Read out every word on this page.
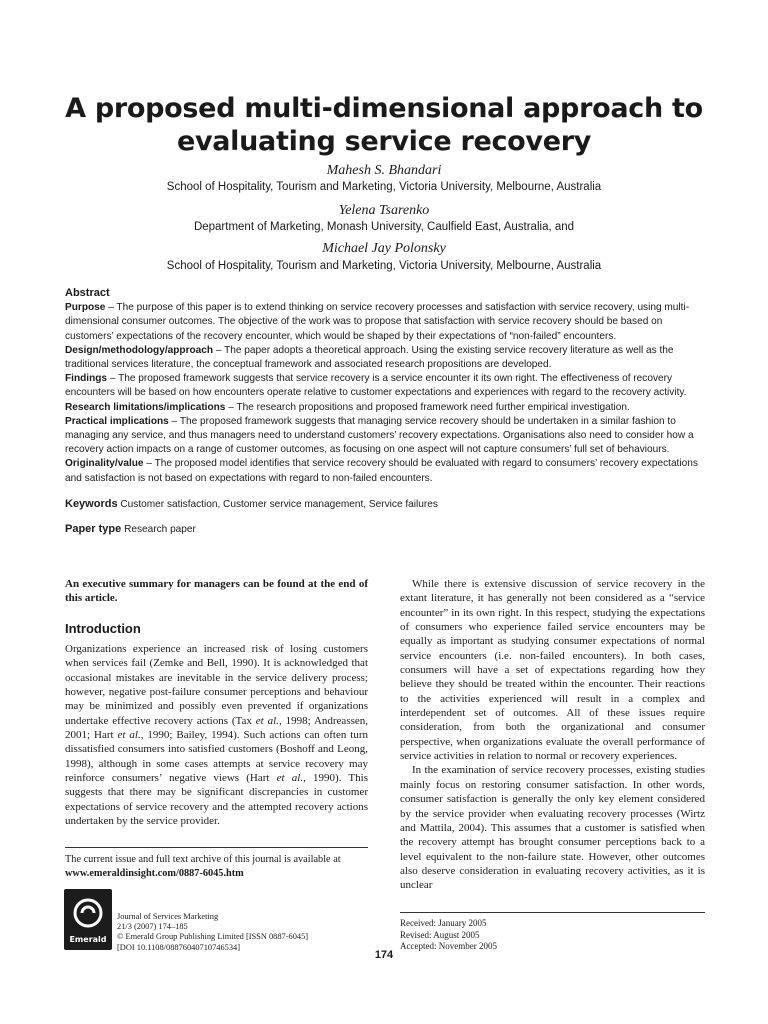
A proposed multi-dimensional approach to
evaluating service recovery
Mahesh S. Bhandari
School of Hospitality, Tourism and Marketing, Victoria University, Melbourne, Australia
Yelena Tsarenko
Department of Marketing, Monash University, Caulfield East, Australia, and
Michael Jay Polonsky
School of Hospitality, Tourism and Marketing, Victoria University, Melbourne, Australia
Abstract

Purpose – The purpose of this paper is to extend thinking on service recovery processes and satisfaction with service recovery, using multi-dimensional consumer outcomes. The objective of the work was to propose that satisfaction with service recovery should be based on customers’ expectations of the recovery encounter, which would be shaped by their expectations of “non-failed” encounters.

Design/methodology/approach – The paper adopts a theoretical approach. Using the existing service recovery literature as well as the traditional services literature, the conceptual framework and associated research propositions are developed.

Findings – The proposed framework suggests that service recovery is a service encounter it its own right. The effectiveness of recovery encounters will be based on how encounters operate relative to customer expectations and experiences with regard to the recovery activity.

Research limitations/implications – The research propositions and proposed framework need further empirical investigation.

Practical implications – The proposed framework suggests that managing service recovery should be undertaken in a similar fashion to managing any service, and thus managers need to understand customers’ recovery expectations. Organisations also need to consider how a recovery action impacts on a range of customer outcomes, as focusing on one aspect will not capture consumers’ full set of behaviours.

Originality/value – The proposed model identifies that service recovery should be evaluated with regard to consumers’ recovery expectations and satisfaction is not based on expectations with regard to non-failed encounters.

Keywords Customer satisfaction, Customer service management, Service failures
Paper type Research paper
An executive summary for managers can be found at the end of this article.
Introduction

Organizations experience an increased risk of losing customers when services fail (Zemke and Bell, 1990). It is acknowledged that occasional mistakes are inevitable in the service delivery process; however, negative post-failure consumer perceptions and behaviour may be minimized and possibly even prevented if organizations undertake effective recovery actions (Tax et al., 1998; Andreassen, 2001; Hart et al., 1990; Bailey, 1994). Such actions can often turn dissatisfied consumers into satisfied customers (Boshoff and Leong, 1998), although in some cases attempts at service recovery may reinforce consumers’ negative views (Hart et al., 1990). This suggests that there may be significant discrepancies in customer expectations of service recovery and the attempted recovery actions undertaken by the service provider.

The current issue and full text archive of this journal is available at
www.emeraldinsight.com/0887-6045.htm
Emerald
Journal of Services Marketing
21/3 (2007) 174–185
© Emerald Group Publishing Limited [ISSN 0887-6045]
[DOI 10.1108/08876040710746534]

While there is extensive discussion of service recovery in the extant literature, it has generally not been considered as a “service encounter” in its own right. In this respect, studying the expectations of consumers who experience failed service encounters may be equally as important as studying consumer expectations of normal service encounters (i.e. non-failed encounters). In both cases, consumers will have a set of expectations regarding how they believe they should be treated within the encounter. Their reactions to the activities experienced will result in a complex and interdependent set of outcomes. All of these issues require consideration, from both the organizational and consumer perspective, when organizations evaluate the overall performance of service activities in relation to normal or recovery experiences.

In the examination of service recovery processes, existing studies mainly focus on restoring consumer satisfaction. In other words, consumer satisfaction is generally the only key element considered by the service provider when evaluating recovery processes (Wirtz and Mattila, 2004). This assumes that a customer is satisfied when the recovery attempt has brought consumer perceptions back to a level equivalent to the non-failure state. However, other outcomes also deserve consideration in evaluating recovery activities, as it is unclear

Received: January 2005
Revised: August 2005
Accepted: November 2005
174
